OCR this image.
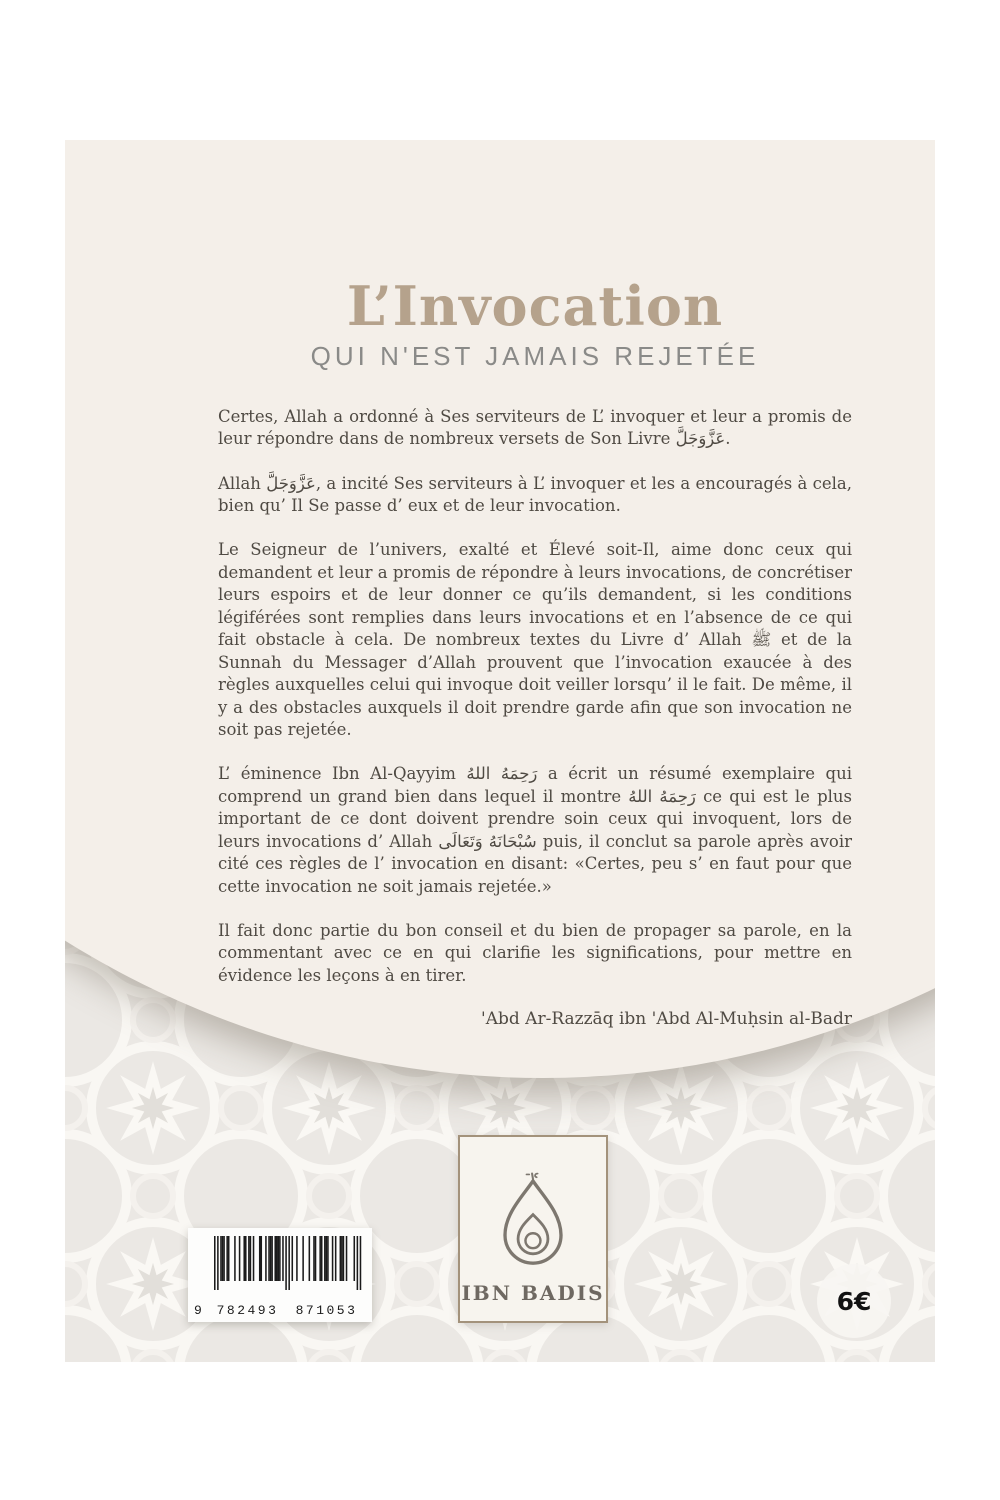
L’Invocation
QUI N'EST JAMAIS REJETÉE

Certes, Allah a ordonné à Ses serviteurs de L’ invoquer et leur a promis de leur répondre dans de nombreux versets de Son Livre عَزَّوَجَلَّ.

Allah عَزَّوَجَلَّ, a incité Ses serviteurs à L’ invoquer et les a encouragés à cela, bien qu’ Il Se passe d’ eux et de leur invocation.

Le Seigneur de l’univers, exalté et Élevé soit-Il, aime donc ceux qui demandent et leur a promis de répondre à leurs invocations, de concrétiser leurs espoirs et de leur donner ce qu’ils demandent, si les conditions légiférées sont remplies dans leurs invocations et en l’absence de ce qui fait obstacle à cela. De nombreux textes du Livre d’ Allah ﷺ et de la Sunnah du Messager d’Allah prouvent que l’invocation exaucée à des règles auxquelles celui qui invoque doit veiller lorsqu’ il le fait. De même, il y a des obstacles auxquels il doit prendre garde afin que son invocation ne soit pas rejetée.

L’ éminence Ibn Al-Qayyim رَحِمَهُ اللهُ a écrit un résumé exemplaire qui comprend un grand bien dans lequel il montre رَحِمَهُ اللهُ ce qui est le plus important de ce dont doivent prendre soin ceux qui invoquent, lors de leurs invocations d’ Allah سُبْحَانَهُ وَتَعَالَى puis, il conclut sa parole après avoir cité ces règles de l’ invocation en disant: «Certes, peu s’ en faut pour que cette invocation ne soit jamais rejetée.»

Il fait donc partie du bon conseil et du bien de propager sa parole, en la commentant avec ce en qui clarifie les significations, pour mettre en évidence les leçons à en tirer.

'Abd Ar-Razzāq ibn 'Abd Al-Muḥsin al-Badr
IBN BADIS
9	782493	871053	6€
